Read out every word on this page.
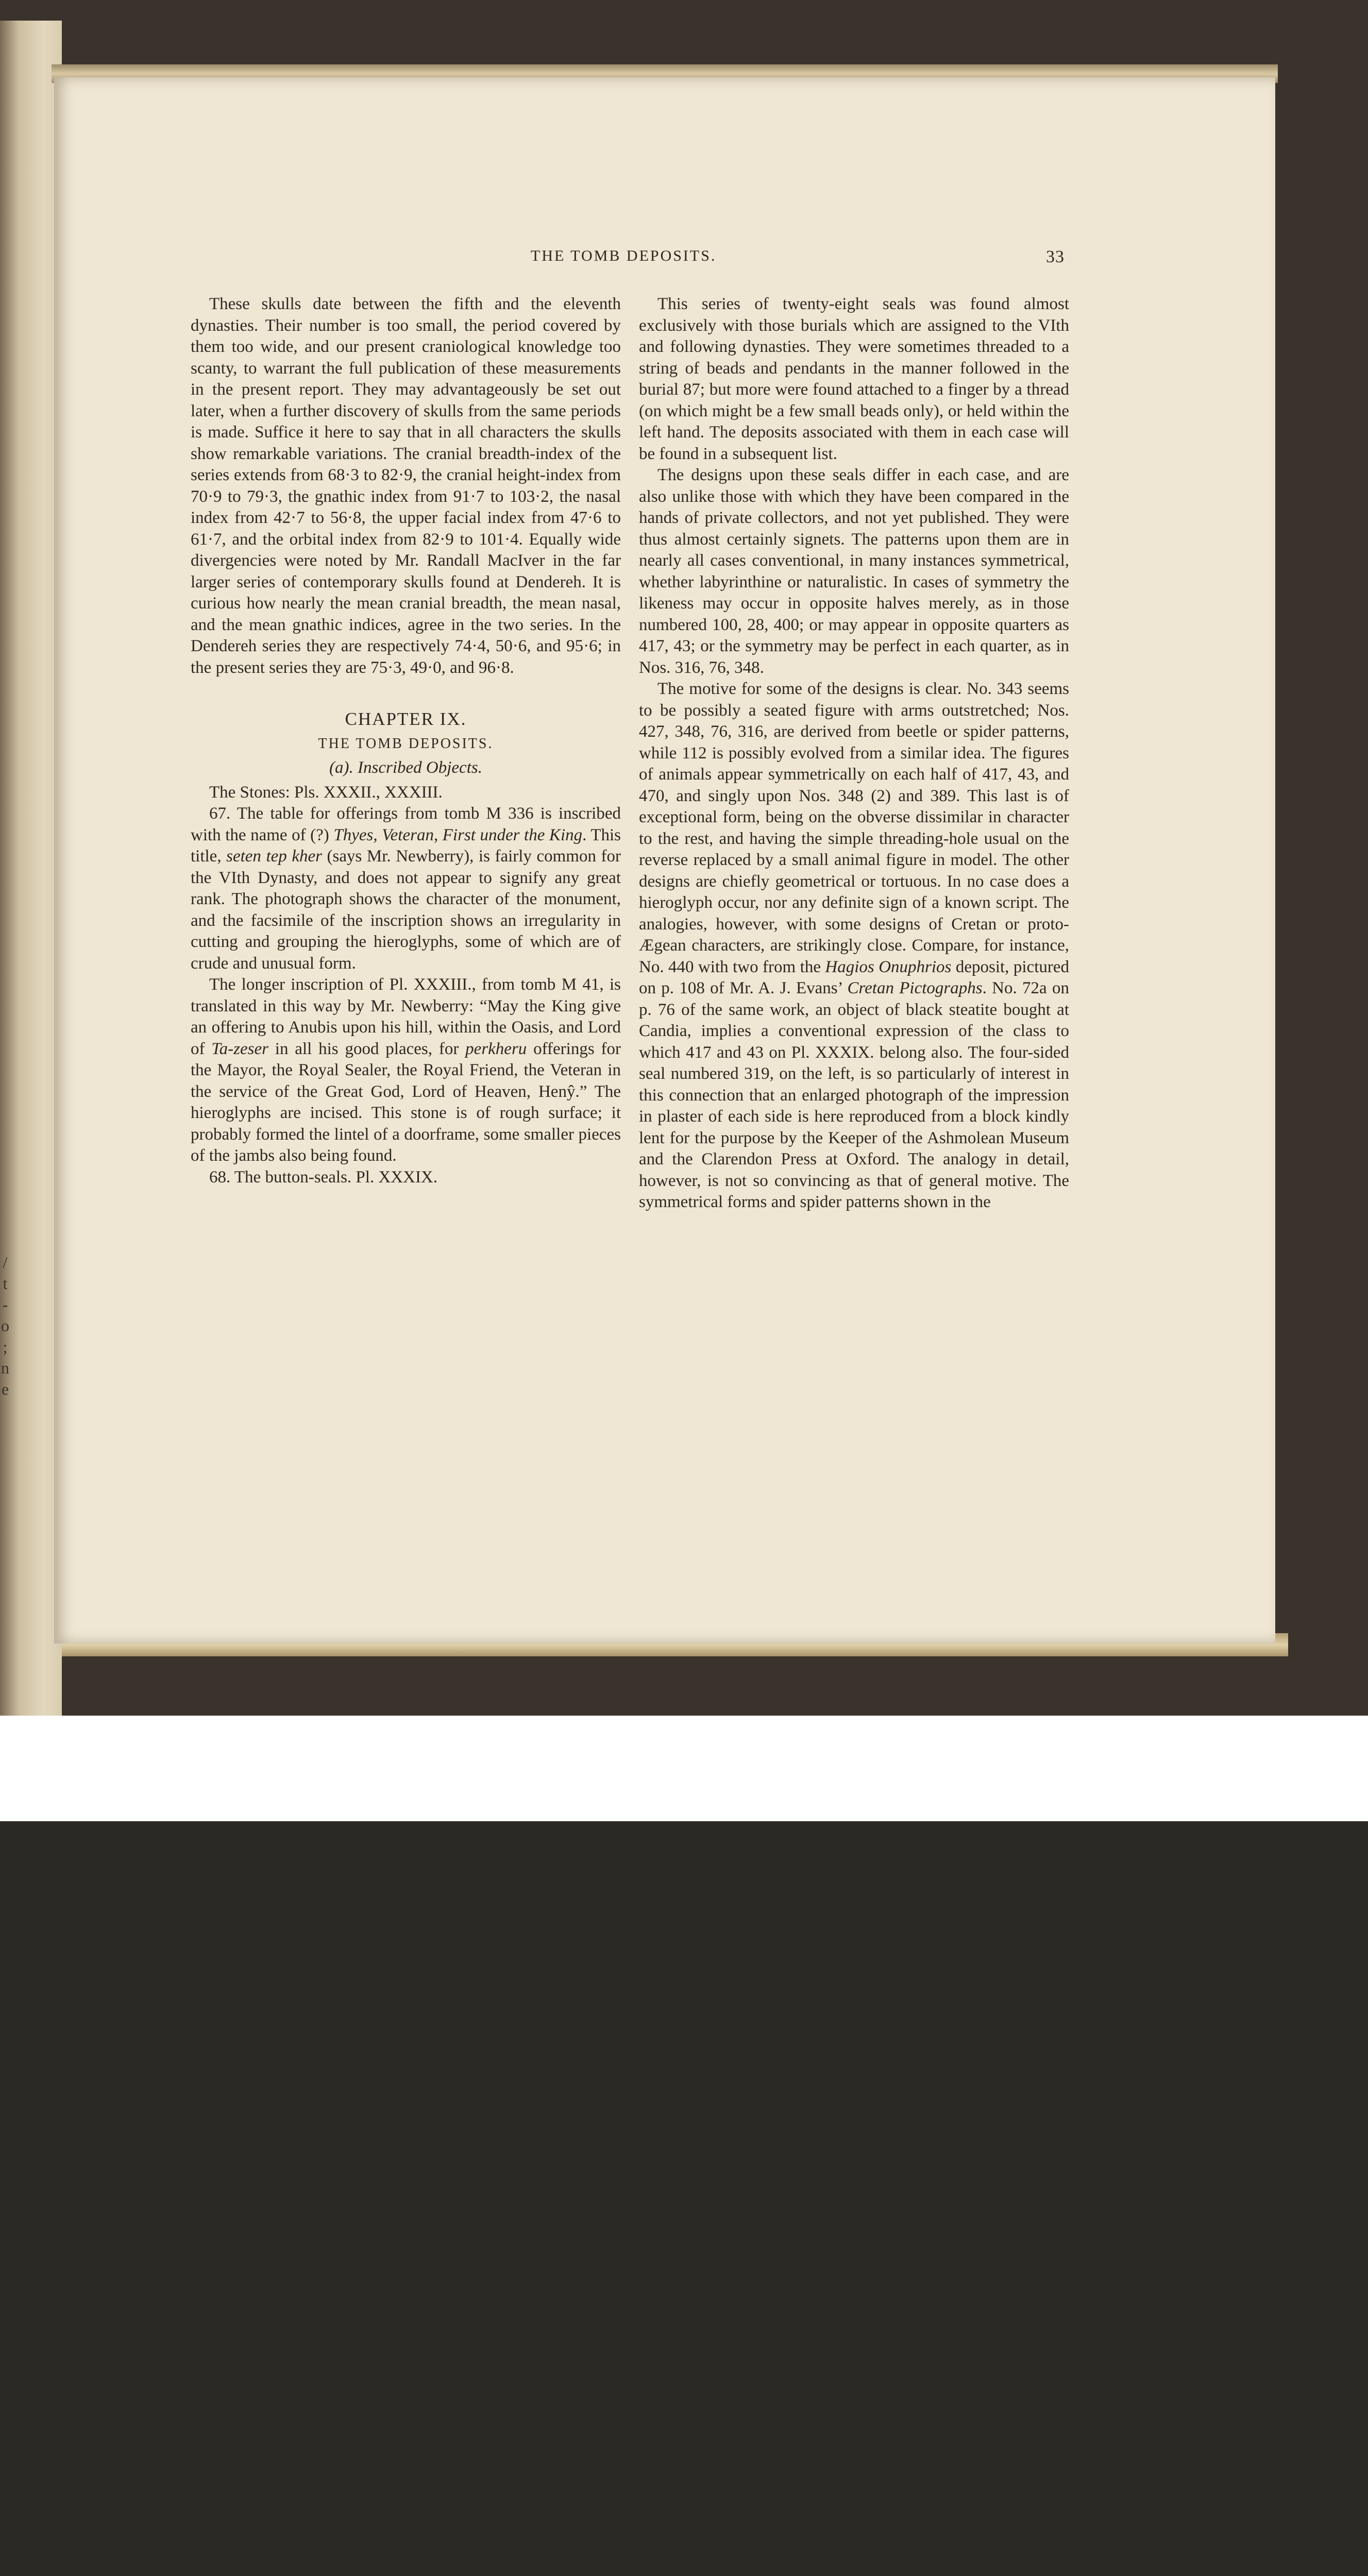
/
t
-
o
;
n
e
THE TOMB DEPOSITS.	33

These skulls date between the fifth and the eleventh dynasties. Their number is too small, the period covered by them too wide, and our present craniological knowledge too scanty, to warrant the full publication of these measurements in the present report. They may advantageously be set out later, when a further discovery of skulls from the same periods is made. Suffice it here to say that in all characters the skulls show remarkable variations. The cranial breadth-index of the series extends from 68·3 to 82·9, the cranial height-index from 70·9 to 79·3, the gnathic index from 91·7 to 103·2, the nasal index from 42·7 to 56·8, the upper facial index from 47·6 to 61·7, and the orbital index from 82·9 to 101·4. Equally wide divergencies were noted by Mr. Randall MacIver in the far larger series of contemporary skulls found at Dendereh. It is curious how nearly the mean cranial breadth, the mean nasal, and the mean gnathic indices, agree in the two series. In the Dendereh series they are respectively 74·4, 50·6, and 95·6; in the present series they are 75·3, 49·0, and 96·8.

CHAPTER IX.

THE TOMB DEPOSITS.

(a). Inscribed Objects.

The Stones: Pls. XXXII., XXXIII.

67. The table for offerings from tomb M 336 is inscribed with the name of (?) Thyes, Veteran, First under the King. This title, seten tep kher (says Mr. Newberry), is fairly common for the VIth Dynasty, and does not appear to signify any great rank. The photograph shows the character of the monument, and the facsimile of the inscription shows an irregularity in cutting and grouping the hieroglyphs, some of which are of crude and unusual form.

The longer inscription of Pl. XXXIII., from tomb M 41, is translated in this way by Mr. Newberry: “May the King give an offering to Anubis upon his hill, within the Oasis, and Lord of Ta-zeser in all his good places, for perkheru offerings for the Mayor, the Royal Sealer, the Royal Friend, the Veteran in the service of the Great God, Lord of Heaven, Henŷ.” The hieroglyphs are incised. This stone is of rough surface; it probably formed the lintel of a doorframe, some smaller pieces of the jambs also being found.

68. The button-seals. Pl. XXXIX.

This series of twenty-eight seals was found almost exclusively with those burials which are assigned to the VIth and following dynasties. They were sometimes threaded to a string of beads and pendants in the manner followed in the burial 87; but more were found attached to a finger by a thread (on which might be a few small beads only), or held within the left hand. The deposits associated with them in each case will be found in a subsequent list.

The designs upon these seals differ in each case, and are also unlike those with which they have been compared in the hands of private collectors, and not yet published. They were thus almost certainly signets. The patterns upon them are in nearly all cases conventional, in many instances symmetrical, whether labyrinthine or naturalistic. In cases of symmetry the likeness may occur in opposite halves merely, as in those numbered 100, 28, 400; or may appear in opposite quarters as 417, 43; or the symmetry may be perfect in each quarter, as in Nos. 316, 76, 348.

The motive for some of the designs is clear. No. 343 seems to be possibly a seated figure with arms outstretched; Nos. 427, 348, 76, 316, are derived from beetle or spider patterns, while 112 is possibly evolved from a similar idea. The figures of animals appear symmetrically on each half of 417, 43, and 470, and singly upon Nos. 348 (2) and 389. This last is of exceptional form, being on the obverse dissimilar in character to the rest, and having the simple threading-hole usual on the reverse replaced by a small animal figure in model. The other designs are chiefly geometrical or tortuous. In no case does a hieroglyph occur, nor any definite sign of a known script. The analogies, however, with some designs of Cretan or proto-Ægean characters, are strikingly close. Compare, for instance, No. 440 with two from the Hagios Onuphrios deposit, pictured on p. 108 of Mr. A. J. Evans’ Cretan Pictographs. No. 72a on p. 76 of the same work, an object of black steatite bought at Candia, implies a conventional expression of the class to which 417 and 43 on Pl. XXXIX. belong also. The four-sided seal numbered 319, on the left, is so particularly of interest in this connection that an enlarged photograph of the impression in plaster of each side is here reproduced from a block kindly lent for the purpose by the Keeper of the Ashmolean Museum and the Clarendon Press at Oxford. The analogy in detail, however, is not so convincing as that of general motive. The symmetrical forms and spider patterns shown in the
